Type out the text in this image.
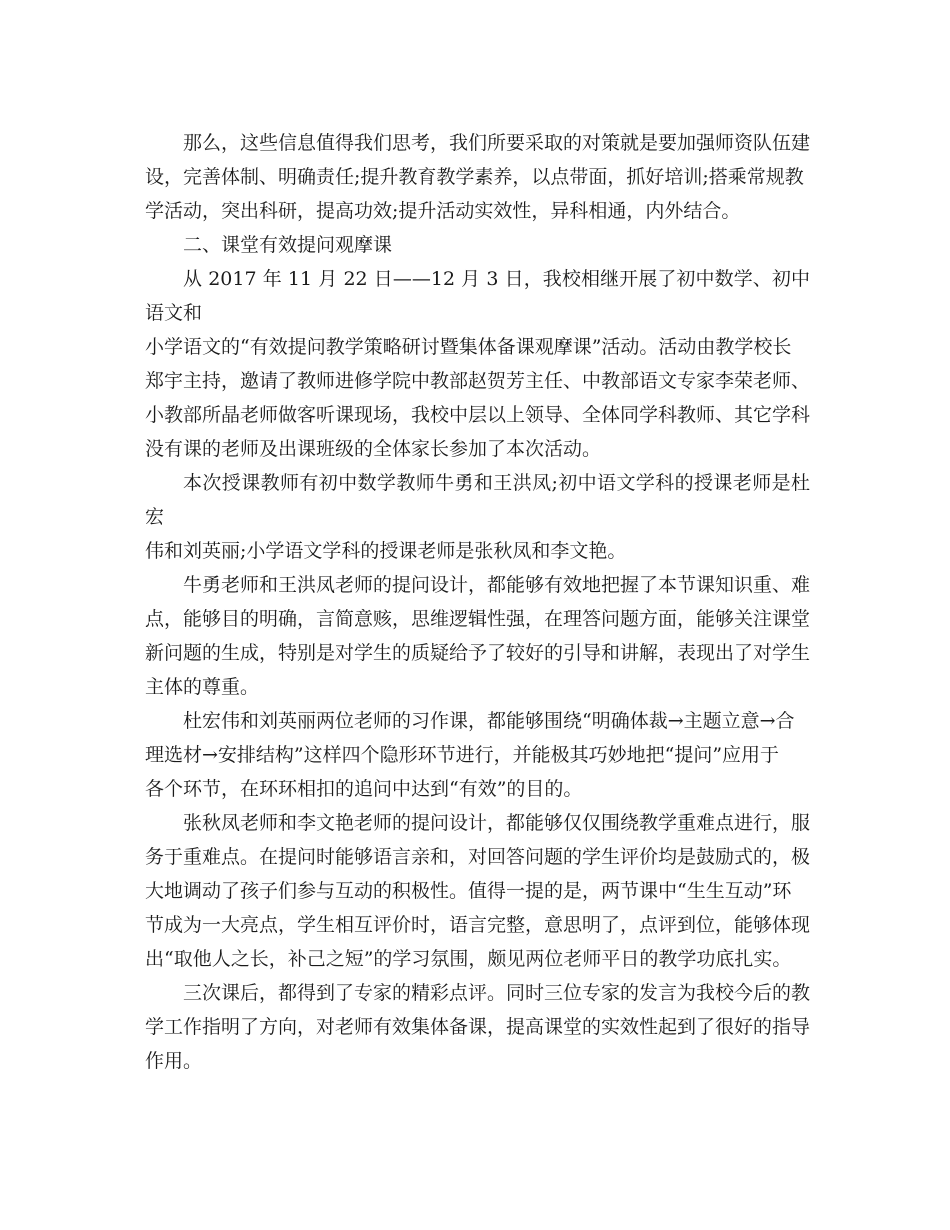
那么，这些信息值得我们思考，我们所要采取的对策就是要加强师资队伍建
设，完善体制、明确责任;提升教育教学素养，以点带面，抓好培训;搭乘常规教
学活动，突出科研，提高功效;提升活动实效性，异科相通，内外结合。

二、课堂有效提问观摩课

从 2017 年 11 月 22 日——12 月 3 日，我校相继开展了初中数学、初中语文和
小学语文的“有效提问教学策略研讨暨集体备课观摩课”活动。活动由教学校长
郑宇主持，邀请了教师进修学院中教部赵贺芳主任、中教部语文专家李荣老师、
小教部所晶老师做客听课现场，我校中层以上领导、全体同学科教师、其它学科
没有课的老师及出课班级的全体家长参加了本次活动。

本次授课教师有初中数学教师牛勇和王洪凤;初中语文学科的授课老师是杜宏
伟和刘英丽;小学语文学科的授课老师是张秋凤和李文艳。

牛勇老师和王洪凤老师的提问设计，都能够有效地把握了本节课知识重、难
点，能够目的明确，言简意赅，思维逻辑性强，在理答问题方面，能够关注课堂
新问题的生成，特别是对学生的质疑给予了较好的引导和讲解，表现出了对学生
主体的尊重。

杜宏伟和刘英丽两位老师的习作课，都能够围绕“明确体裁→主题立意→合
理选材→安排结构”这样四个隐形环节进行，并能极其巧妙地把“提问”应用于
各个环节，在环环相扣的追问中达到“有效”的目的。

张秋凤老师和李文艳老师的提问设计，都能够仅仅围绕教学重难点进行，服
务于重难点。在提问时能够语言亲和，对回答问题的学生评价均是鼓励式的，极
大地调动了孩子们参与互动的积极性。值得一提的是，两节课中“生生互动”环
节成为一大亮点，学生相互评价时，语言完整，意思明了，点评到位，能够体现
出“取他人之长，补己之短”的学习氛围，颇见两位老师平日的教学功底扎实。

三次课后，都得到了专家的精彩点评。同时三位专家的发言为我校今后的教
学工作指明了方向，对老师有效集体备课，提高课堂的实效性起到了很好的指导
作用。
